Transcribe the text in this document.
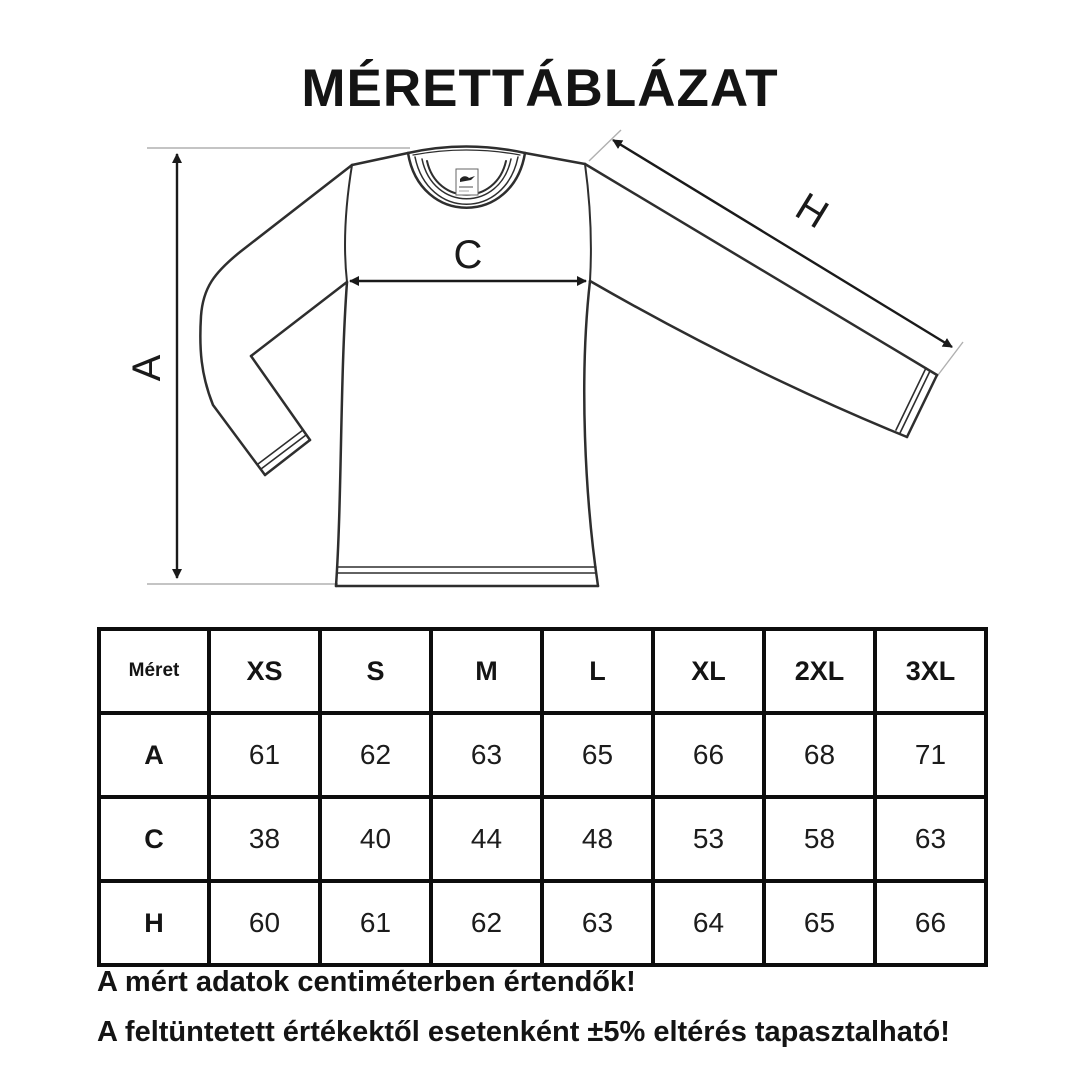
MÉRETTÁBLÁZAT
A
C
H
Méret	XS	S	M	L	XL	2XL	3XL
A	61	62	63	65	66	68	71
C	38	40	44	48	53	58	63
H	60	61	62	63	64	65	66

A mért adatok centiméterben értendők!

A feltüntetett értékektől esetenként ±5% eltérés tapasztalható!
